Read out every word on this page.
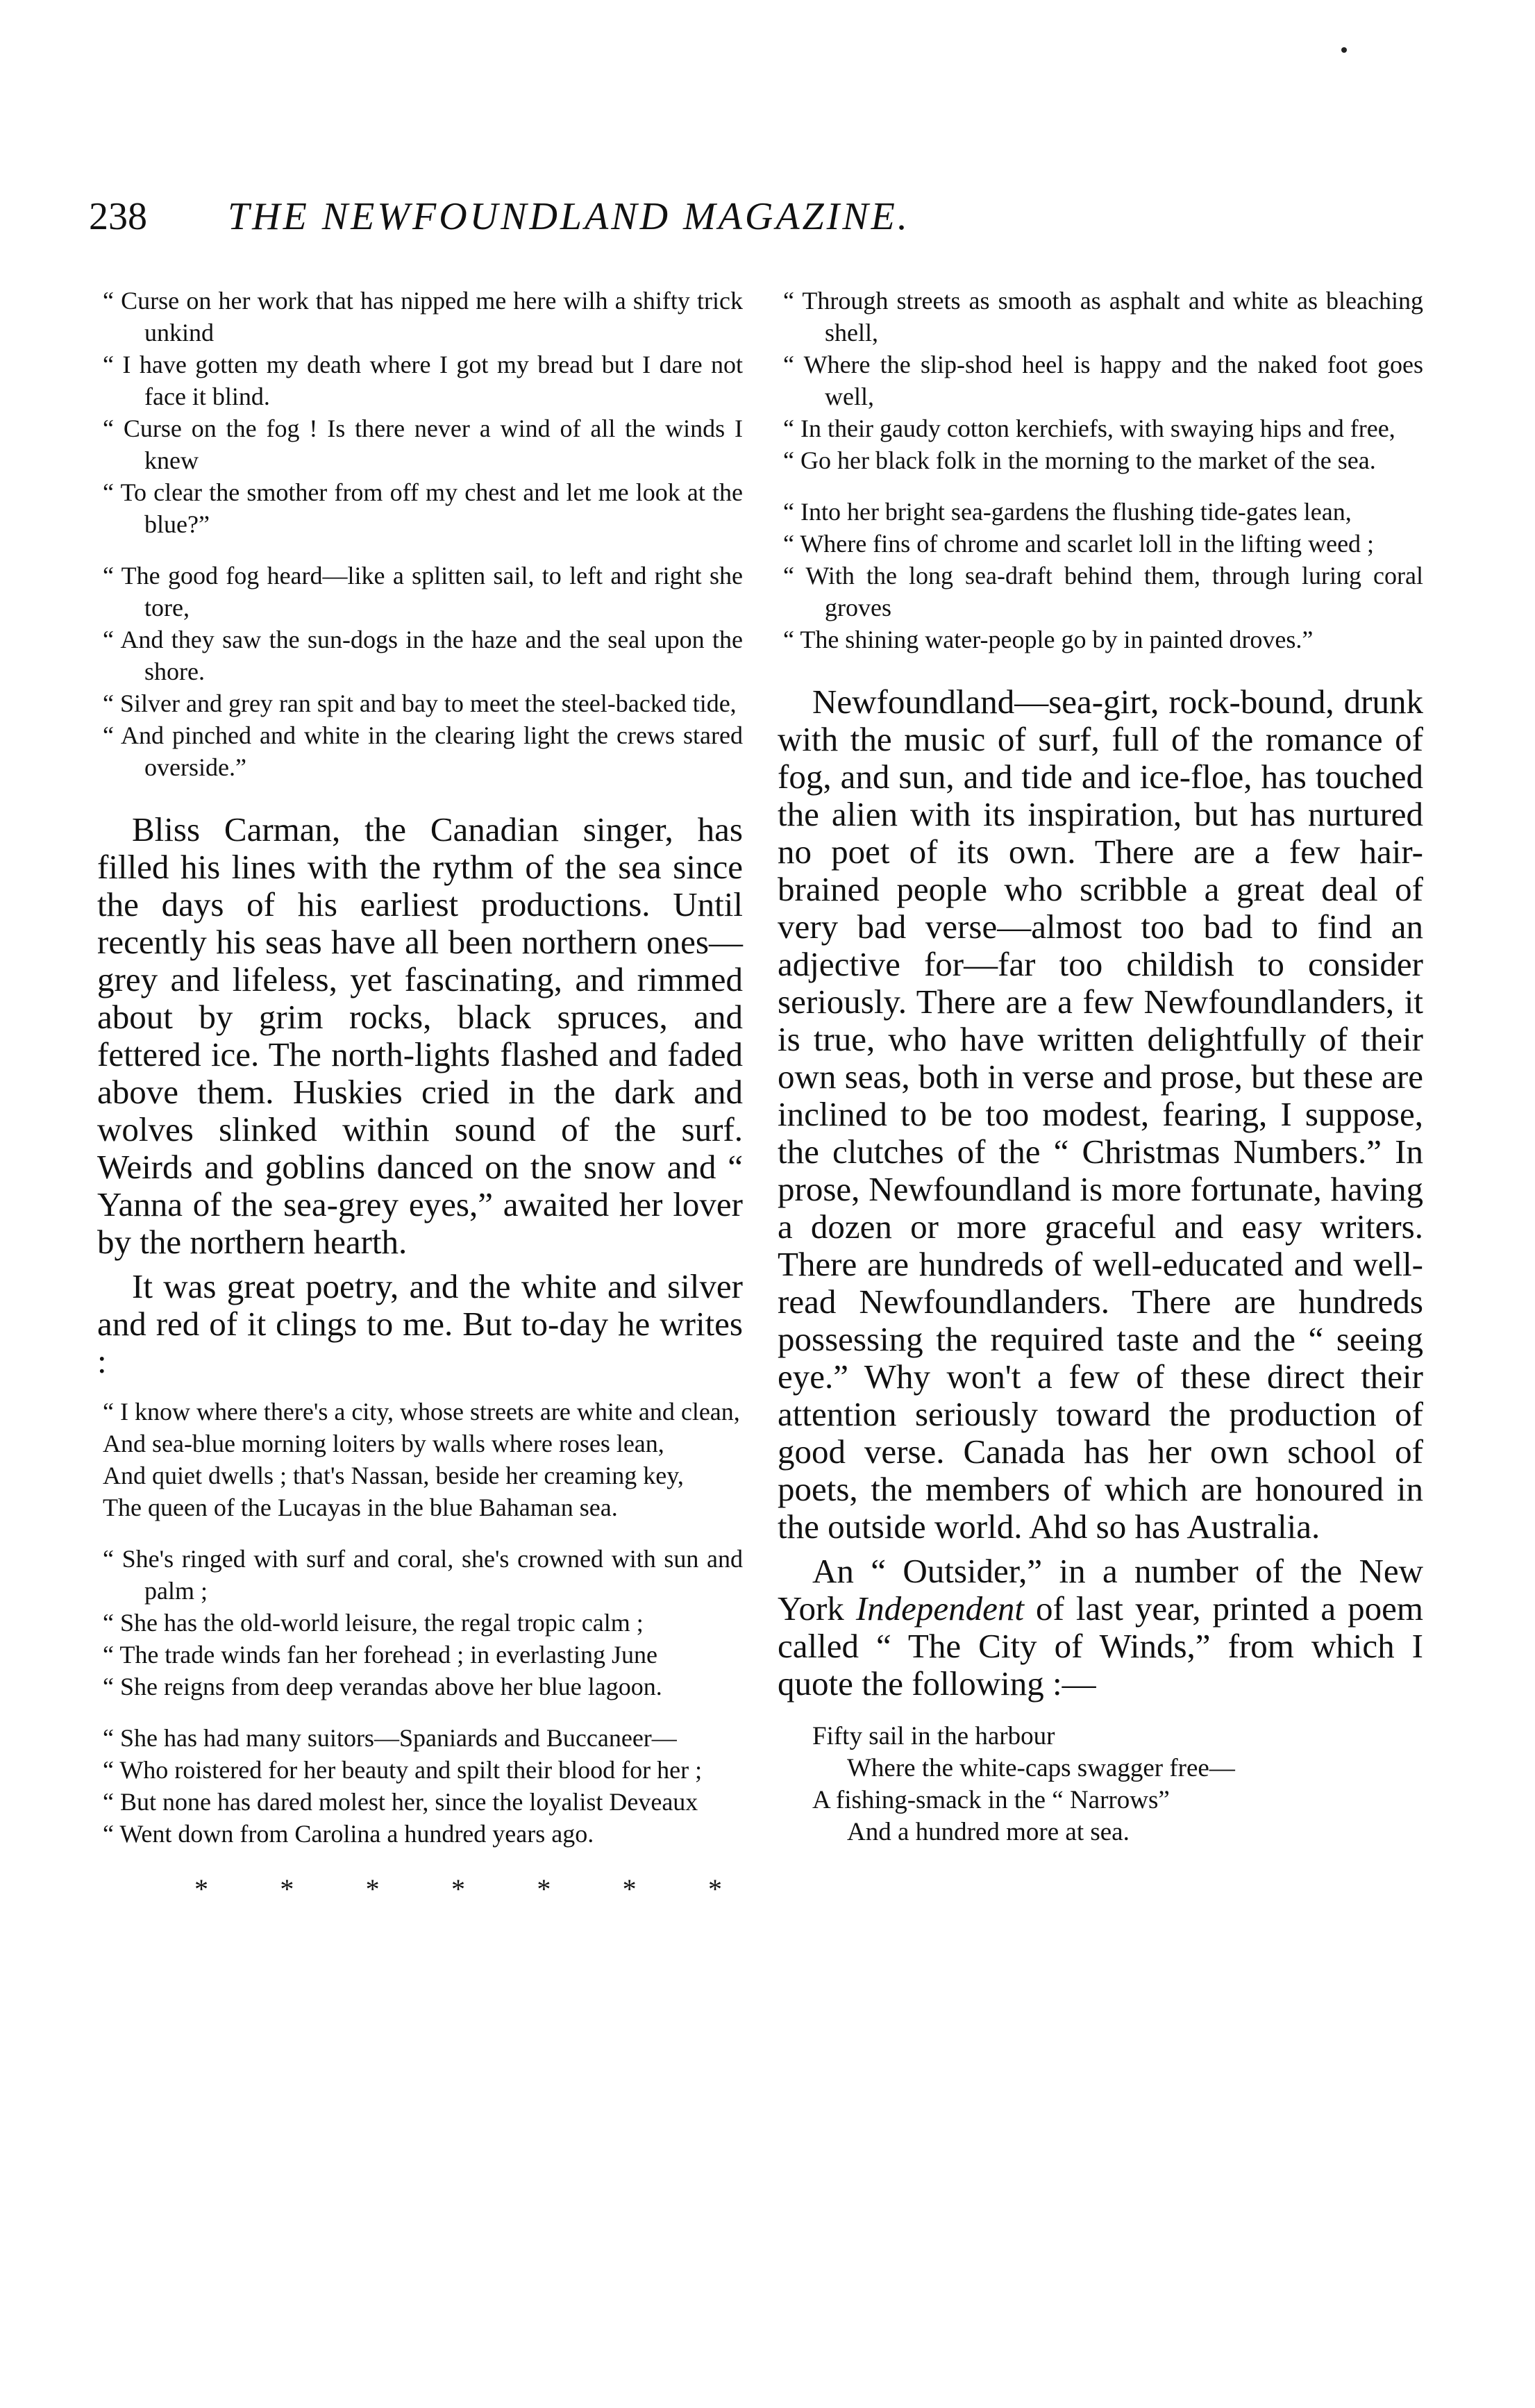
238 THE NEWFOUNDLAND MAGAZINE.

“ Curse on her work that has nipped me here wilh a shifty trick unkind

“ I have gotten my death where I got my bread but I dare not face it blind.

“ Curse on the fog ! Is there never a wind of all the winds I knew

“ To clear the smother from off my chest and let me look at the blue?”

“ The good fog heard—like a splitten sail, to left and right she tore,

“ And they saw the sun-dogs in the haze and the seal upon the shore.

“ Silver and grey ran spit and bay to meet the steel-backed tide,

“ And pinched and white in the clearing light the crews stared overside.”

Bliss Carman, the Canadian singer, has filled his lines with the rythm of the sea since the days of his earliest productions. Until recently his seas have all been northern ones—grey and lifeless, yet fascinating, and rimmed about by grim rocks, black spruces, and fettered ice. The north-lights flashed and faded above them. Huskies cried in the dark and wolves slinked within sound of the surf. Weirds and goblins danced on the snow and “ Yanna of the sea-grey eyes,” awaited her lover by the northern hearth.

It was great poetry, and the white and silver and red of it clings to me. But to-day he writes :

“ I know where there's a city, whose streets are white and clean,

And sea-blue morning loiters by walls where roses lean,

And quiet dwells ; that's Nassan, beside her creaming key,

The queen of the Lucayas in the blue Bahaman sea.

“ She's ringed with surf and coral, she's crowned with sun and palm ;

“ She has the old-world leisure, the regal tropic calm ;

“ The trade winds fan her forehead ; in everlasting June

“ She reigns from deep verandas above her blue lagoon.

“ She has had many suitors—Spaniards and Buccaneer—

“ Who roistered for her beauty and spilt their blood for her ;

“ But none has dared molest her, since the loyalist Deveaux

“ Went down from Carolina a hundred years ago.

*	*	*	*	*	*	*

“ Through streets as smooth as asphalt and white as bleaching shell,

“ Where the slip-shod heel is happy and the naked foot goes well,

“ In their gaudy cotton kerchiefs, with swaying hips and free,

“ Go her black folk in the morning to the market of the sea.

“ Into her bright sea-gardens the flushing tide-gates lean,

“ Where fins of chrome and scarlet loll in the lifting weed ;

“ With the long sea-draft behind them, through luring coral groves

“ The shining water-people go by in painted droves.”

Newfoundland—sea-girt, rock-bound, drunk with the music of surf, full of the romance of fog, and sun, and tide and ice-floe, has touched the alien with its inspiration, but has nurtured no poet of its own. There are a few hair-brained people who scribble a great deal of very bad verse—almost too bad to find an adjective for—far too childish to consider seriously. There are a few Newfoundlanders, it is true, who have written delightfully of their own seas, both in verse and prose, but these are inclined to be too modest, fearing, I suppose, the clutches of the “ Christmas Numbers.” In prose, Newfoundland is more fortunate, having a dozen or more graceful and easy writers. There are hundreds of well-educated and well-read Newfoundlanders. There are hundreds possessing the required taste and the “ seeing eye.” Why won't a few of these direct their attention seriously toward the production of good verse. Canada has her own school of poets, the members of which are honoured in the outside world. Ahd so has Australia.

An “ Outsider,” in a number of the New York Independent of last year, printed a poem called “ The City of Winds,” from which I quote the following :—

Fifty sail in the harbour

Where the white-caps swagger free—

A fishing-smack in the “ Narrows”

And a hundred more at sea.
